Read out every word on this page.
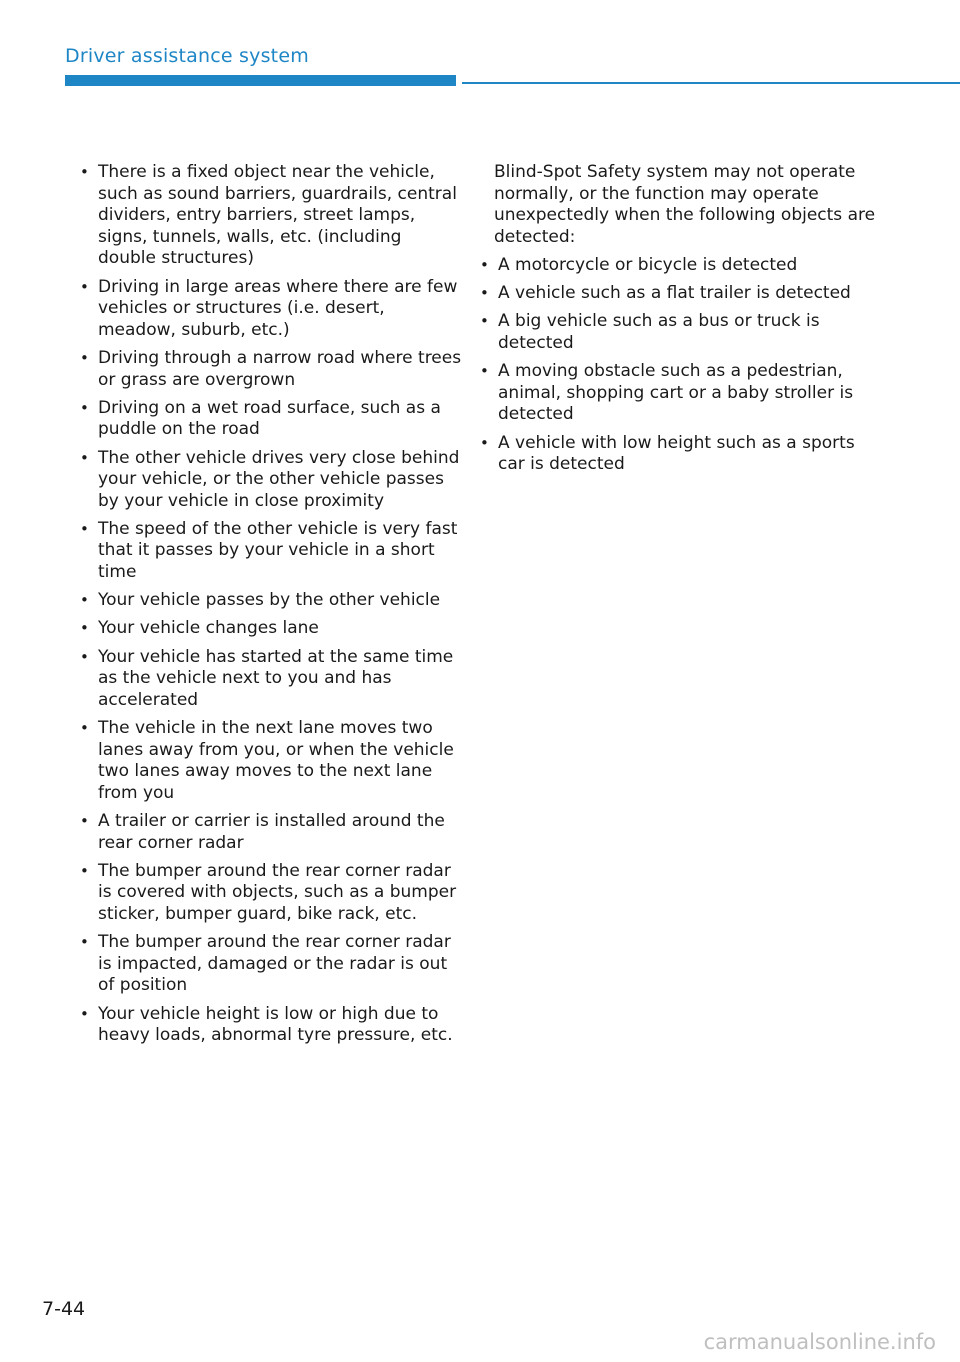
Driver assistance system
• There is a fixed object near the vehicle, such as sound barriers, guardrails, central dividers, entry barriers, street lamps, signs, tunnels, walls, etc. (including double structures)
• Driving in large areas where there are few vehicles or structures (i.e. desert, meadow, suburb, etc.)
• Driving through a narrow road where trees or grass are overgrown
• Driving on a wet road surface, such as a puddle on the road
• The other vehicle drives very close behind your vehicle, or the other vehicle passes by your vehicle in close proximity
• The speed of the other vehicle is very fast that it passes by your vehicle in a short time
• Your vehicle passes by the other vehicle
• Your vehicle changes lane
• Your vehicle has started at the same time as the vehicle next to you and has accelerated
• The vehicle in the next lane moves two lanes away from you, or when the vehicle two lanes away moves to the next lane from you
• A trailer or carrier is installed around the rear corner radar
• The bumper around the rear corner radar is covered with objects, such as a bumper sticker, bumper guard, bike rack, etc.
• The bumper around the rear corner radar is impacted, damaged or the radar is out of position
• Your vehicle height is low or high due to heavy loads, abnormal tyre pressure, etc.

Blind-Spot Safety system may not operate normally, or the function may operate unexpectedly when the following objects are detected:

• A motorcycle or bicycle is detected
• A vehicle such as a flat trailer is detected
• A big vehicle such as a bus or truck is detected
• A moving obstacle such as a pedestrian, animal, shopping cart or a baby stroller is detected
• A vehicle with low height such as a sports car is detected
7-44
carmanualsonline.info
